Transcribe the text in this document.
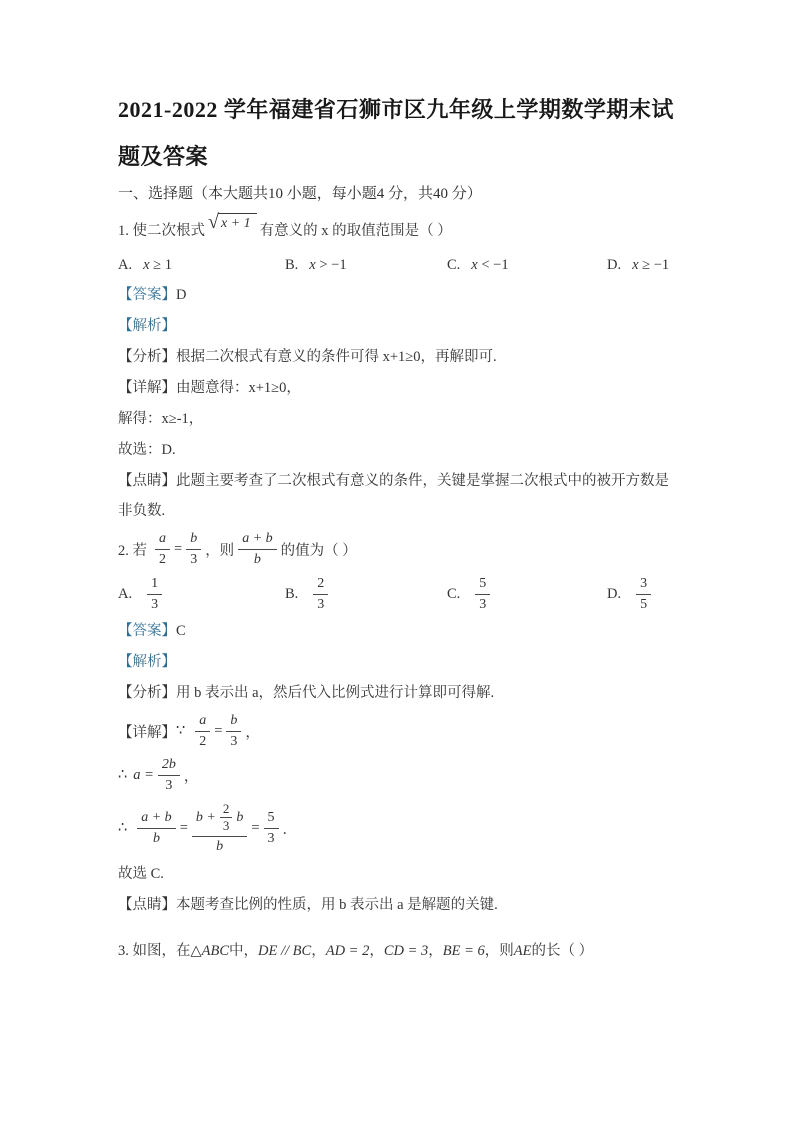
2021-2022 学年福建省石狮市区九年级上学期数学期末试题及答案
一、选择题（本大题共10 小题，每小题4 分，共40 分）
1. 使二次根式 √ x + 1 有意义的 x 的取值范围是（ ）
A. x ≥ 1	B. x > −1	C. x < −1	D. x ≥ −1

【答案】D

【解析】

【分析】根据二次根式有意义的条件可得 x+1≥0，再解即可.

【详解】由题意得：x+1≥0，

解得：x≥-1，

故选：D.

【点睛】此题主要考查了二次根式有意义的条件，关键是掌握二次根式中的被开方数是非负数.

2. 若 $\frac{a}{2} = \frac{b}{3}$ ，则 $\frac{a + b}{b}$ 的值为（ ）
A. $\frac{1}{3}$	B. $\frac{2}{3}$	C. $\frac{5}{3}$	D. $\frac{3}{5}$

【答案】C

【解析】

【分析】用 b 表示出 a，然后代入比例式进行计算即可得解.

【详解】 ∵ $\frac{a}{2} = \frac{b}{3}$ ，
∴ $a = \frac{2b}{3}$ ，
∴ $\frac{a + b}{b}$ =
$b + \frac{2}{3}$ b
b
= $\frac{5}{3}$ ．

故选 C.

【点睛】本题考查比例的性质，用 b 表示出 a 是解题的关键.

3. 如图，在△ABC中，DE // BC，AD = 2，CD = 3，BE = 6，则AE的长（ ）
